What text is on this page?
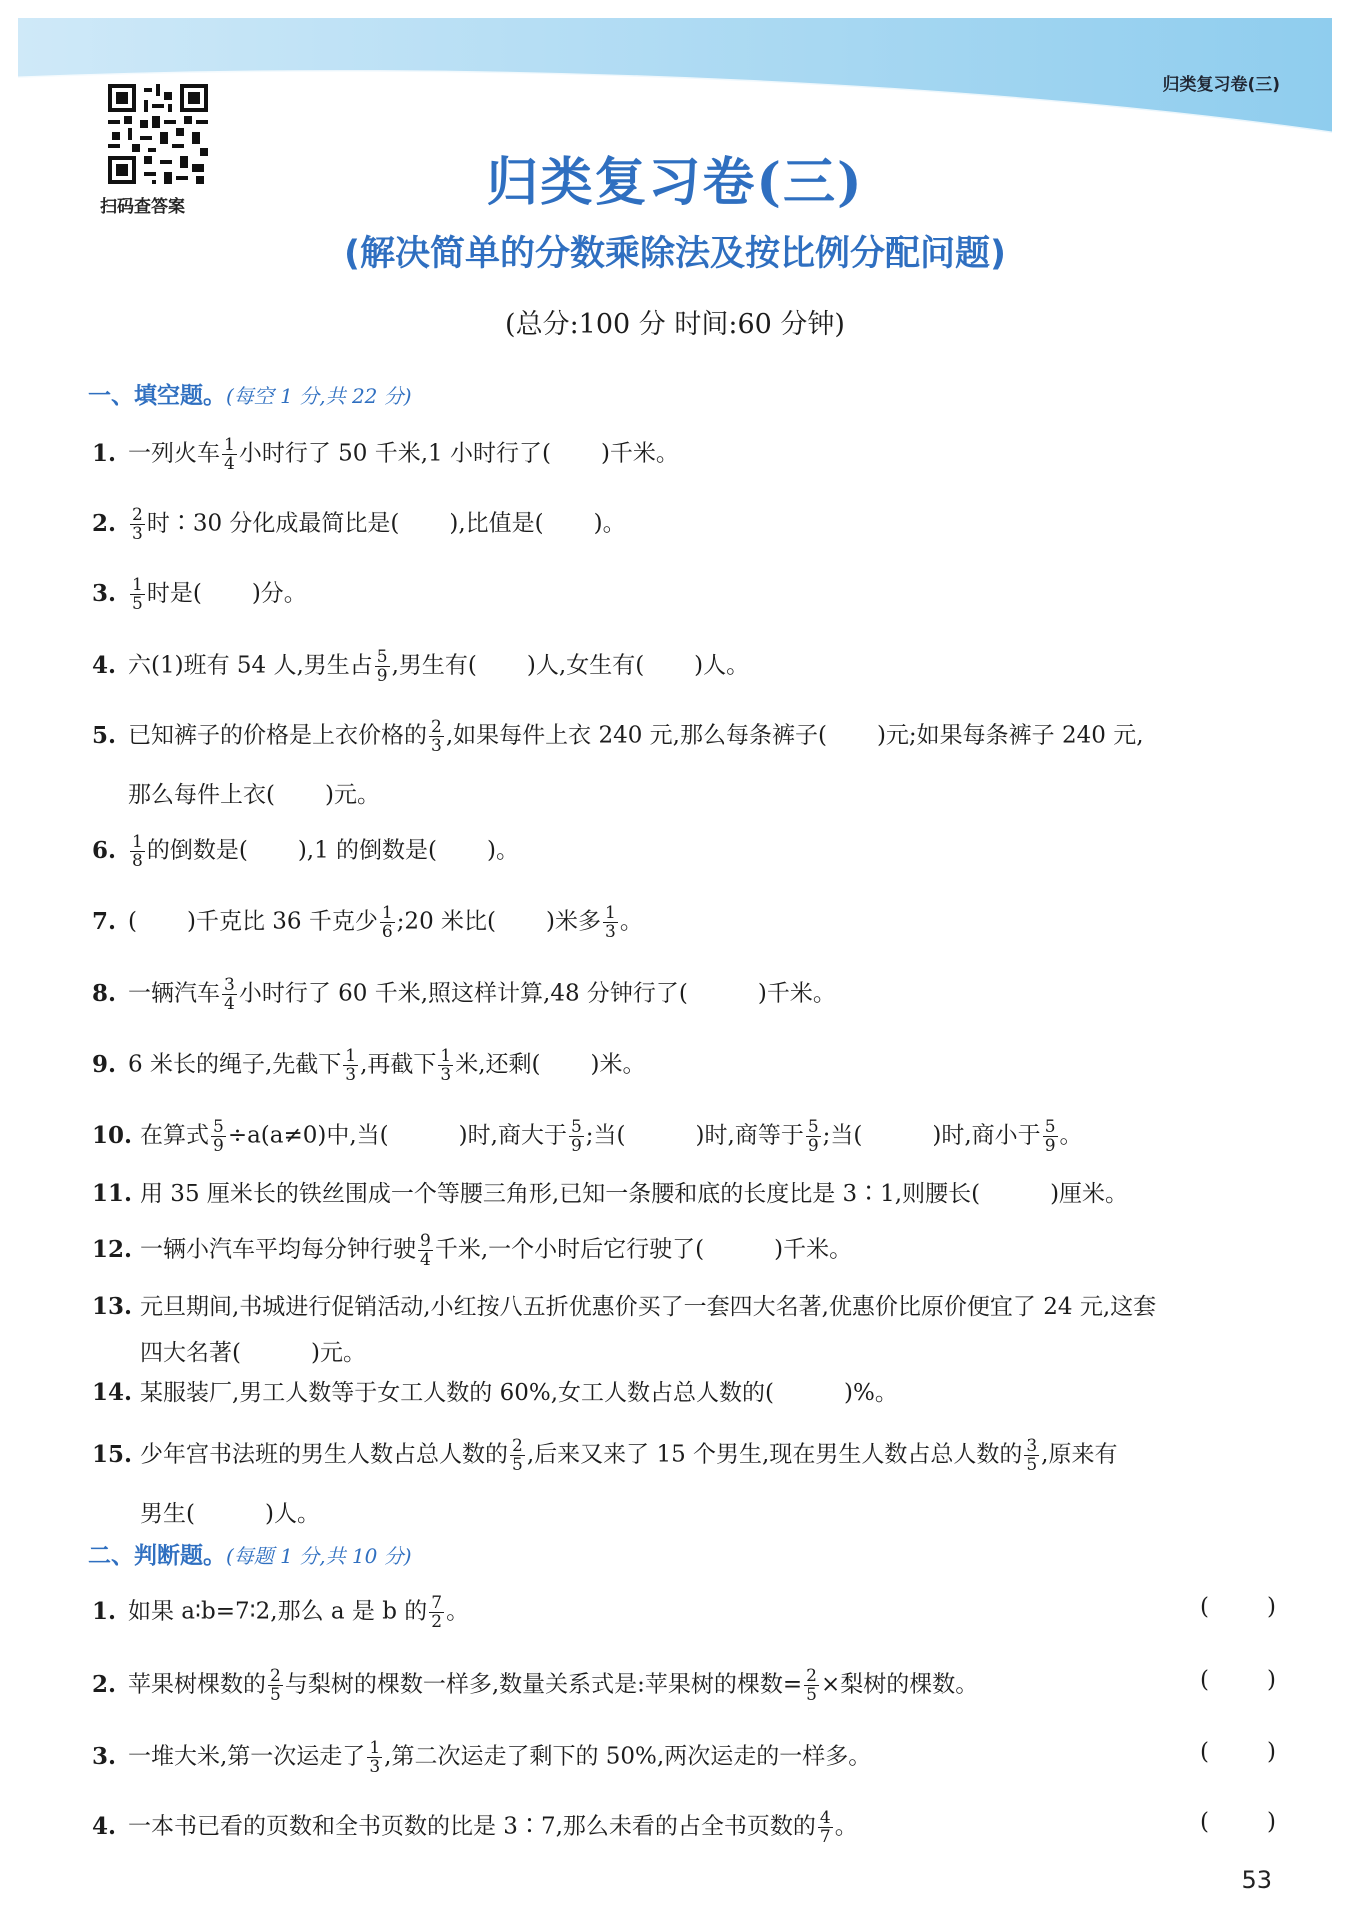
归类复习卷(三)
扫码查答案	归类复习卷(三)
(解决简单的分数乘除法及按比例分配问题)
(总分:100 分 时间:60 分钟)
一、填空题。(每空 1 分,共 22 分)
1. 一列火车 $\frac{1}{4}$ 小时行了 50 千米,1 小时行了( )千米。
2. $\frac{2}{3}$ 时∶30 分化成最简比是( ),比值是( )。
3. $\frac{1}{5}$ 时是( )分。
4. 六(1)班有 54 人,男生占 $\frac{5}{9}$ ,男生有( )人,女生有( )人。
5. 已知裤子的价格是上衣价格的 $\frac{2}{3}$ ,如果每件上衣 240 元,那么每条裤子( )元;如果每条裤子 240 元,
那么每件上衣( )元。
6. $\frac{1}{8}$ 的倒数是( ),1 的倒数是( )。
7. ( )千克比 36 千克少 $\frac{1}{6}$ ;20 米比( )米多 $\frac{1}{3}$ 。
8. 一辆汽车 $\frac{3}{4}$ 小时行了 60 千米,照这样计算,48 分钟行了(	)千米。
9. 6 米长的绳子,先截下 $\frac{1}{3}$ ,再截下 $\frac{1}{3}$ 米,还剩( )米。
10. 在算式 $\frac{5}{9} \div a(a\ne 0)$中,当(	)时,商大于 $\frac{5}{9}$ ;当(	)时,商等于 $\frac{5}{9}$ ;当(	)时,商小于 $\frac{5}{9}$ 。
11. 用 35 厘米长的铁丝围成一个等腰三角形,已知一条腰和底的长度比是 3∶1,则腰长(	)厘米。
12. 一辆小汽车平均每分钟行驶 $\frac{9}{4}$ 千米,一个小时后它行驶了(	)千米。
13. 元旦期间,书城进行促销活动,小红按八五折优惠价买了一套四大名著,优惠价比原价便宜了 24 元,这套
四大名著(	)元。
14. 某服装厂,男工人数等于女工人数的 60%,女工人数占总人数的(	)%。
15. 少年宫书法班的男生人数占总人数的 $\frac{2}{5}$ ,后来又来了 15 个男生,现在男生人数占总人数的 $\frac{3}{5}$ ,原来有
男生(	)人。
二、判断题。(每题 1 分,共 10 分)
1. 如果 a∶b=7∶2,那么 a 是 b 的 $\frac{7}{2}$ 。	(	)
2. 苹果树棵数的 $\frac{2}{5}$ 与梨树的棵数一样多,数量关系式是:苹果树的棵数= $\frac{2}{5}$ ×梨树的棵数。	(	)
3. 一堆大米,第一次运走了 $\frac{1}{3}$ ,第二次运走了剩下的 50%,两次运走的一样多。	(	)
4. 一本书已看的页数和全书页数的比是 3∶7,那么未看的占全书页数的 $\frac{4}{7}$ 。	(	)
53
